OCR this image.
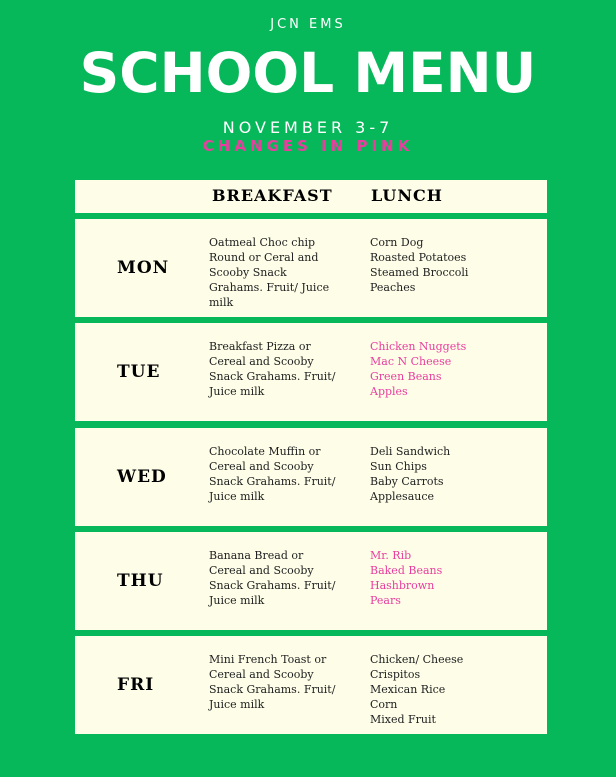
JCN EMS
SCHOOL MENU
NOVEMBER 3-7
CHANGES IN PINK
BREAKFAST LUNCH
MON
Oatmeal Choc chip
Round or Ceral and
Scooby Snack
Grahams. Fruit/ Juice
milk
Corn Dog
Roasted Potatoes
Steamed Broccoli
Peaches
TUE
Breakfast Pizza or
Cereal and Scooby
Snack Grahams. Fruit/
Juice milk
Chicken Nuggets
Mac N Cheese
Green Beans
Apples
WED
Chocolate Muffin or
Cereal and Scooby
Snack Grahams. Fruit/
Juice milk
Deli Sandwich
Sun Chips
Baby Carrots
Applesauce
THU
Banana Bread or
Cereal and Scooby
Snack Grahams. Fruit/
Juice milk
Mr. Rib
Baked Beans
Hashbrown
Pears
FRI
Mini French Toast or
Cereal and Scooby
Snack Grahams. Fruit/
Juice milk
Chicken/ Cheese
Crispitos
Mexican Rice
Corn
Mixed Fruit
